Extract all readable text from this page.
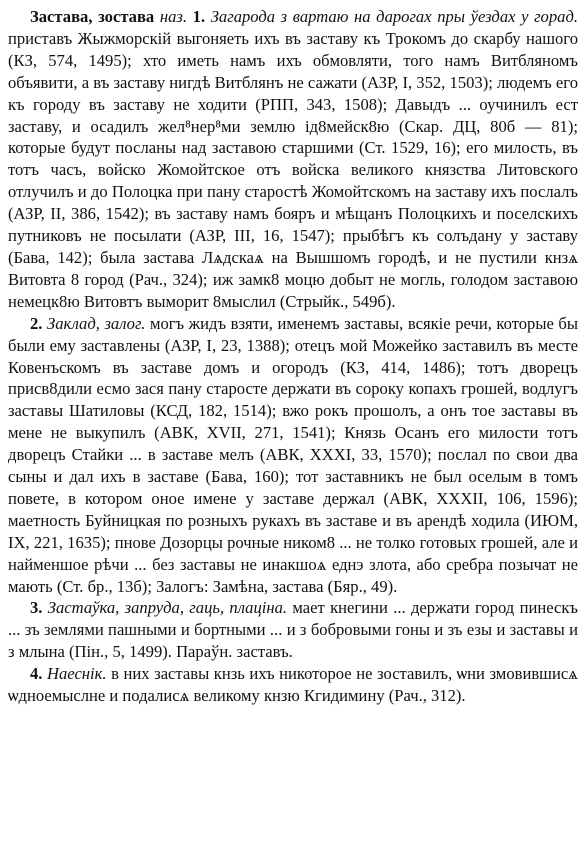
Застава, зостава наз. 1. Загарода з вартаю на дарогах пры ўездах у горад. приставъ Жыжморскій выгоняеть ихъ въ заставу къ Трокомъ до скарбу нашого (КЗ, 574, 1495); хто иметь намъ ихъ обмовляти, того намъ Витбляномъ объявити, а въ заставу нигдѣ Витблянъ не сажати (АЗР, І, 352, 1503); людемъ его къ городу въ заставу не ходити (РПП, 343, 1508); Давыдъ ... оучинилъ ест заставу, и осадилъ жел⁸нер⁸ми землю ід8мейск8ю (Скар. ДЦ, 80б — 81); которые будут посланы над заставою старшими (Ст. 1529, 16); его милость, въ тотъ часъ, войско Жомойтское отъ войска великого князства Литовского отлучилъ и до Полоцка при пану старостѣ Жомойтскомъ на заставу ихъ послалъ (АЗР, ІІ, 386, 1542); въ заставу намъ бояръ и мѣщанъ Полоцкихъ и поселскихъ путниковъ не посылати (АЗР, ІІІ, 16, 1547); прыбѣгъ къ солъдану у заставу (Бава, 142); была застава Лѧдскаѧ на Вышшомъ городѣ, и не пустили кнзѧ Витовта 8 город (Рач., 324); иж замк8 моцю добыт не могль, голодом заставою немецк8ю Витовтъ выморит 8мыслил (Стрыйк., 549б).

2. Заклад, залог. могъ жидъ взяти, именемъ заставы, всякіе речи, которые бы были ему заставлены (АЗР, І, 23, 1388); отецъ мой Можейко заставилъ въ месте Ковенъскомъ въ заставе домъ и огородъ (КЗ, 414, 1486); тотъ дворецъ присв8дили есмо зася пану старосте держати въ сороку копахъ грошей, водлугъ заставы Шатиловы (КСД, 182, 1514); вжо рокъ прошолъ, а онъ тое заставы въ мене не выкупилъ (АВК, XVII, 271, 1541); Князь Осанъ его милости тотъ дворецъ Стайки ... в заставе мелъ (АВК, XXXI, 33, 1570); послал по свои два сыны и дал ихъ в заставе (Бава, 160); тот заставникъ не был оселым в томъ повете, в котором оное имене у заставе держал (АВК, XXXII, 106, 1596); маетность Буйницкая по розныхъ рукахъ въ заставе и въ арендѣ ходила (ИЮМ, ІХ, 221, 1635); пнове Дозорцы рочные ником8 ... не толко готовых грошей, але и найменшое рѣчи ... без заставы не инакшоѧ еднэ злота, або сребра позычат не мають (Ст. бр., 13б); Залогъ: Замѣна, застава (Бяр., 49).

3. Застаўка, запруда, гаць, плаціна. мает кнегини ... держати город пинескъ ... зъ землями пашными и бортными ... и з бобровыми гоны и зъ езы и заставы и з млына (Пін., 5, 1499). Параўн. заставъ.

4. Наеснік. в них заставы кнзь ихъ никоторое не зоставилъ, ѡни змовившисѧ ѡдноемыслне и подалисѧ великому кнзю Кгидимину (Рач., 312).
